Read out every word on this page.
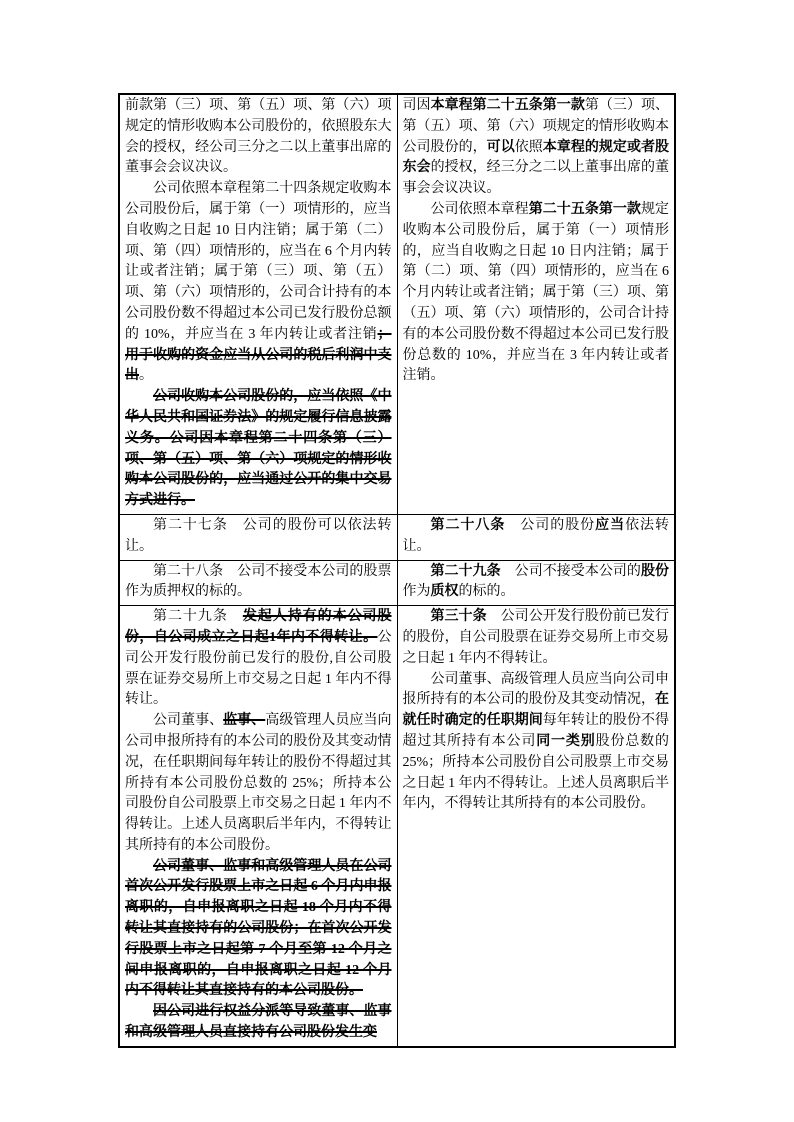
前款第（三）项、第（五）项、第（六）项规定的情形收购本公司股份的，依照股东大会的授权，经公司三分之二以上董事出席的董事会会议决议。

公司依照本章程第二十四条规定收购本公司股份后，属于第（一）项情形的，应当自收购之日起 10 日内注销；属于第（二）项、第（四）项情形的，应当在 6 个月内转让或者注销；属于第（三）项、第（五）项、第（六）项情形的，公司合计持有的本公司股份数不得超过本公司已发行股份总额的 10%，并应当在 3 年内转让或者注销；用于收购的资金应当从公司的税后利润中支出。

公司收购本公司股份的，应当依照《中华人民共和国证券法》的规定履行信息披露义务。公司因本章程第二十四条第（三）项、第（五）项、第（六）项规定的情形收购本公司股份的，应当通过公开的集中交易方式进行。

司因本章程第二十五条第一款第（三）项、第（五）项、第（六）项规定的情形收购本公司股份的，可以依照本章程的规定或者股东会的授权，经三分之二以上董事出席的董事会会议决议。

公司依照本章程第二十五条第一款规定收购本公司股份后，属于第（一）项情形的，应当自收购之日起 10 日内注销；属于第（二）项、第（四）项情形的，应当在 6 个月内转让或者注销；属于第（三）项、第（五）项、第（六）项情形的，公司合计持有的本公司股份数不得超过本公司已发行股份总数的 10%，并应当在 3 年内转让或者注销。

第二十七条　公司的股份可以依法转让。

第二十八条　公司的股份应当依法转让。

第二十八条　公司不接受本公司的股票作为质押权的标的。

第二十九条　公司不接受本公司的股份作为质权的标的。

第二十九条　发起人持有的本公司股份，自公司成立之日起1年内不得转让。公司公开发行股份前已发行的股份,自公司股票在证券交易所上市交易之日起 1 年内不得转让。

公司董事、监事、高级管理人员应当向公司申报所持有的本公司的股份及其变动情况，在任职期间每年转让的股份不得超过其所持有本公司股份总数的 25%；所持本公司股份自公司股票上市交易之日起 1 年内不得转让。上述人员离职后半年内，不得转让其所持有的本公司股份。

公司董事、监事和高级管理人员在公司首次公开发行股票上市之日起 6 个月内申报离职的，自申报离职之日起 18 个月内不得转让其直接持有的公司股份；在首次公开发行股票上市之日起第 7 个月至第 12 个月之间申报离职的，自申报离职之日起 12 个月内不得转让其直接持有的本公司股份。

因公司进行权益分派等导致董事、监事和高级管理人员直接持有公司股份发生变

第三十条　公司公开发行股份前已发行的股份，自公司股票在证券交易所上市交易之日起 1 年内不得转让。

公司董事、高级管理人员应当向公司申报所持有的本公司的股份及其变动情况，在就任时确定的任职期间每年转让的股份不得超过其所持有本公司同一类别股份总数的 25%；所持本公司股份自公司股票上市交易之日起 1 年内不得转让。上述人员离职后半年内，不得转让其所持有的本公司股份。
